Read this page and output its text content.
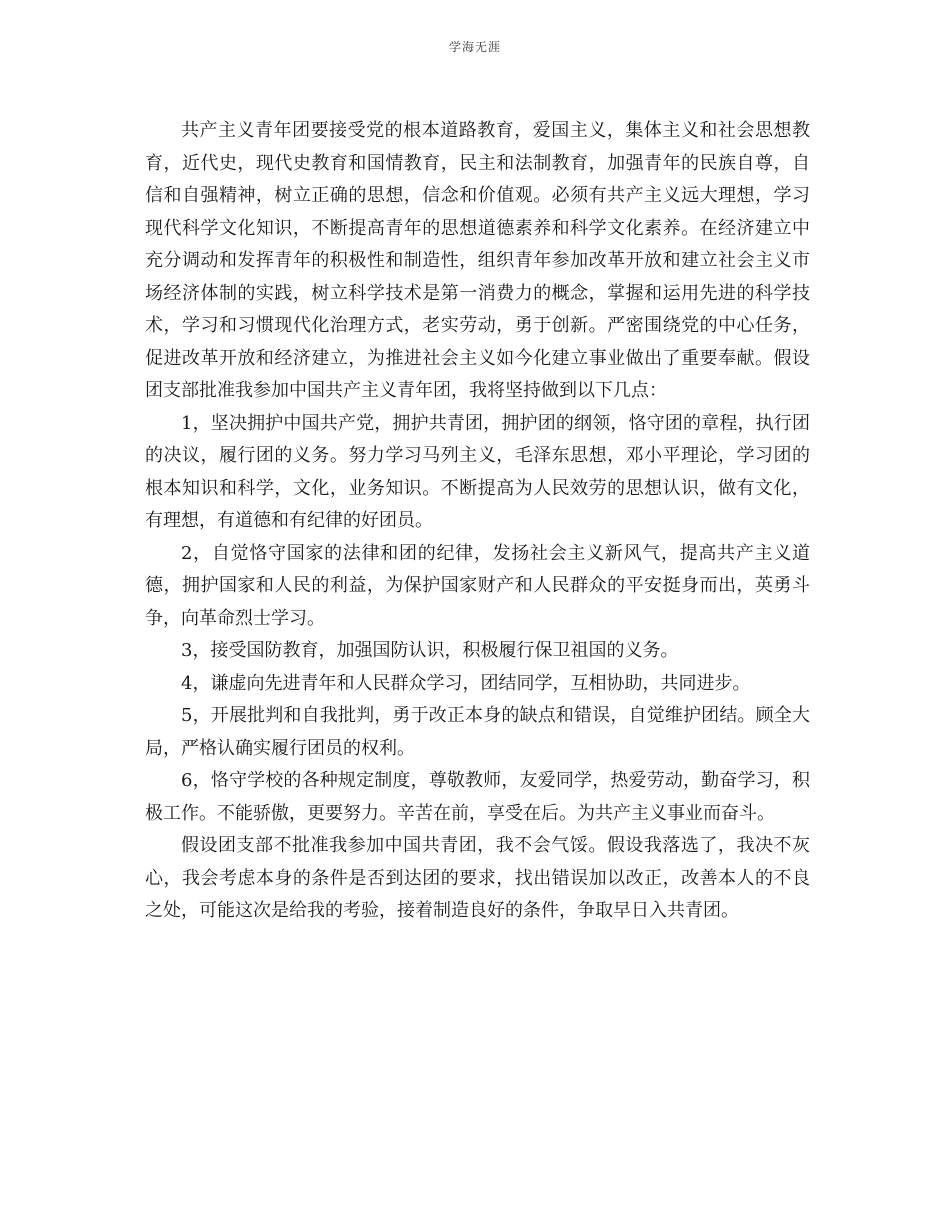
学海无涯

共产主义青年团要接受党的根本道路教育，爱国主义，集体主义和社会思想教育，近代史，现代史教育和国情教育，民主和法制教育，加强青年的民族自尊，自信和自强精神，树立正确的思想，信念和价值观。必须有共产主义远大理想，学习现代科学文化知识，不断提高青年的思想道德素养和科学文化素养。在经济建立中充分调动和发挥青年的积极性和制造性，组织青年参加改革开放和建立社会主义市场经济体制的实践，树立科学技术是第一消费力的概念，掌握和运用先进的科学技术，学习和习惯现代化治理方式，老实劳动，勇于创新。严密围绕党的中心任务，促进改革开放和经济建立，为推进社会主义如今化建立事业做出了重要奉献。假设团支部批准我参加中国共产主义青年团，我将坚持做到以下几点：

1，坚决拥护中国共产党，拥护共青团，拥护团的纲领，恪守团的章程，执行团的决议，履行团的义务。努力学习马列主义，毛泽东思想，邓小平理论，学习团的根本知识和科学，文化，业务知识。不断提高为人民效劳的思想认识，做有文化，有理想，有道德和有纪律的好团员。

2，自觉恪守国家的法律和团的纪律，发扬社会主义新风气，提高共产主义道德，拥护国家和人民的利益，为保护国家财产和人民群众的平安挺身而出，英勇斗争，向革命烈士学习。

3，接受国防教育，加强国防认识，积极履行保卫祖国的义务。

4，谦虚向先进青年和人民群众学习，团结同学，互相协助，共同进步。

5，开展批判和自我批判，勇于改正本身的缺点和错误，自觉维护团结。顾全大局，严格认确实履行团员的权利。

6，恪守学校的各种规定制度，尊敬教师，友爱同学，热爱劳动，勤奋学习，积极工作。不能骄傲，更要努力。辛苦在前，享受在后。为共产主义事业而奋斗。

假设团支部不批准我参加中国共青团，我不会气馁。假设我落选了，我决不灰心，我会考虑本身的条件是否到达团的要求，找出错误加以改正，改善本人的不良之处，可能这次是给我的考验，接着制造良好的条件，争取早日入共青团。
